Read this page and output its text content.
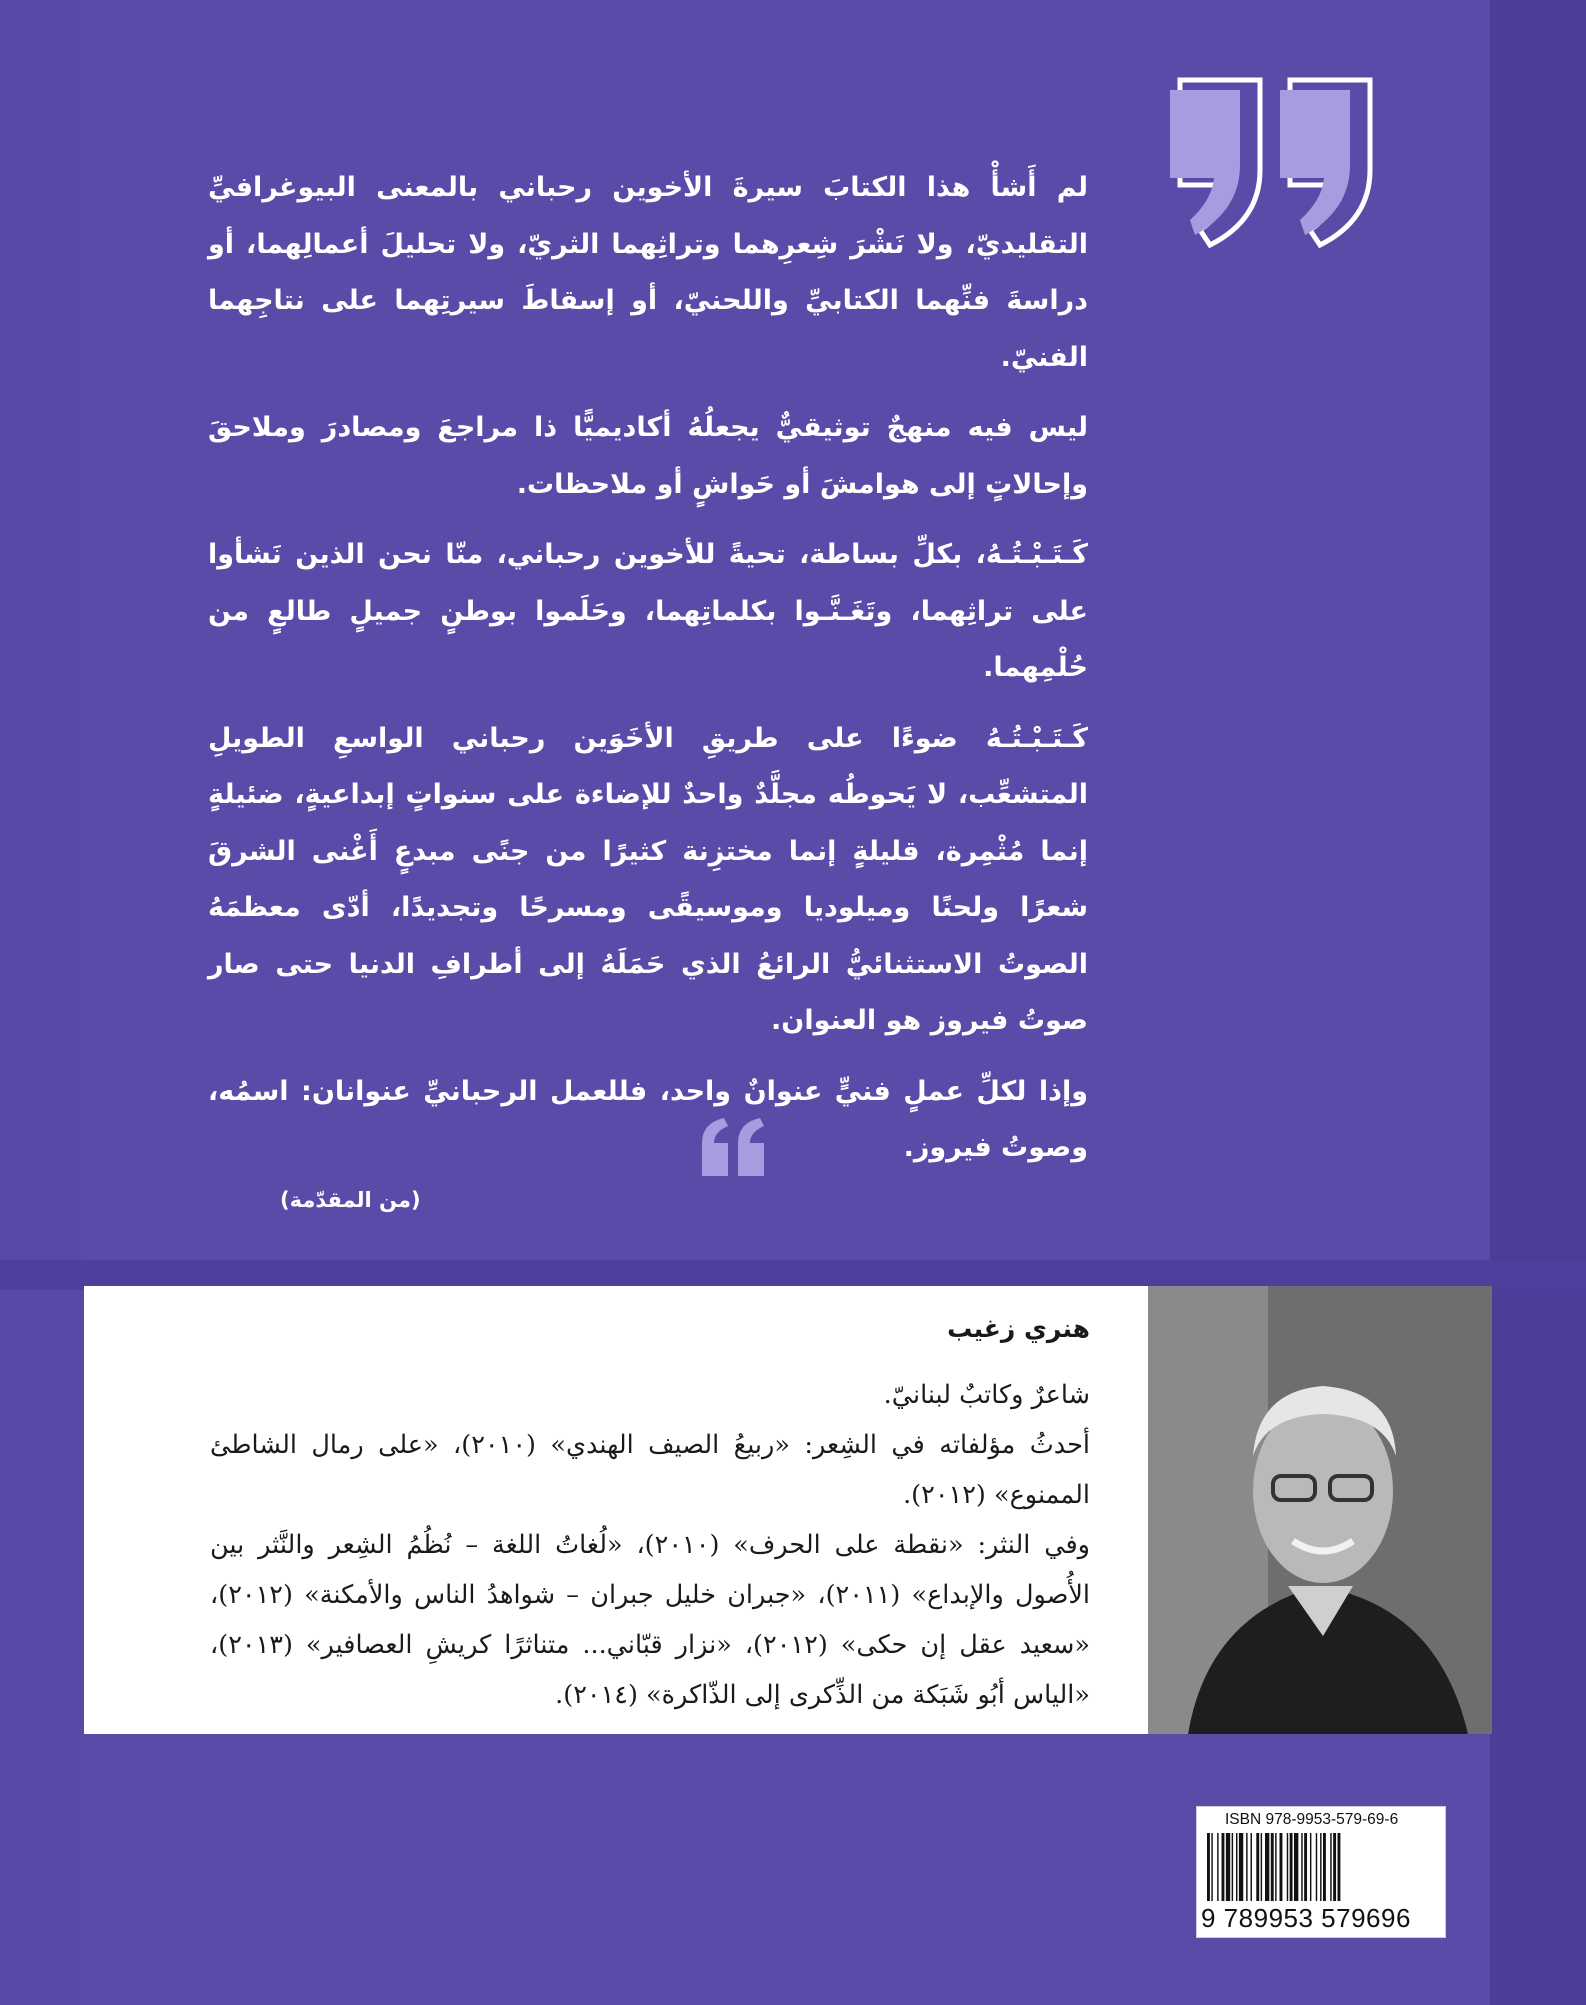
لم أَشأْ هذا الكتابَ سيرةَ الأخوين رحباني بالمعنى البيوغرافيِّ التقليديّ، ولا نَشْرَ شِعرِهما وتراثِهما الثريّ، ولا تحليلَ أعمالِهما، أو دراسةَ فنِّهما الكتابيِّ واللحنيّ، أو إسقاطَ سيرتِهما على نتاجِهما الفنيّ.

ليس فيه منهجٌ توثيقيٌّ يجعلُهُ أكاديميًّا ذا مراجعَ ومصادرَ وملاحقَ وإحالاتٍ إلى هوامشَ أو حَواشٍ أو ملاحظات.

كَـتَـبْـتُـهُ، بكلِّ بساطة، تحيةً للأخوين رحباني، منّا نحن الذين نَشأوا على تراثِهما، وتَغَـنَّـوا بكلماتِهما، وحَلَموا بوطنٍ جميلٍ طالعٍ من حُلْمِهما.

كَـتَـبْـتُـهُ ضوءًا على طريقِ الأخَوَين رحباني الواسعِ الطويلِ المتشعِّب، لا يَحوطُه مجلَّدٌ واحدٌ للإضاءة على سنواتٍ إبداعيةٍ، ضئيلةٍ إنما مُثْمِرة، قليلةٍ إنما مختزِنة كثيرًا من جنًى مبدعٍ أَغْنى الشرقَ شعرًا ولحنًا وميلوديا وموسيقًى ومسرحًا وتجديدًا، أدّى معظمَهُ الصوتُ الاستثنائيُّ الرائعُ الذي حَمَلَهُ إلى أطرافِ الدنيا حتى صار صوتُ فيروز هو العنوان.

وإذا لكلِّ عملٍ فنيٍّ عنوانٌ واحد، فللعمل الرحبانيِّ عنوانان: اسمُه، وصوتُ فيروز.

(من المقدّمة)
هنري زغيب

شاعرٌ وكاتبٌ لبنانيّ.

أحدثُ مؤلفاته في الشِعر: «ربيعُ الصيف الهندي» (٢٠١٠)، «على رمال الشاطئ الممنوع» (٢٠١٢).

وفي النثر: «نقطة على الحرف» (٢٠١٠)، «لُغاتُ اللغة – نُظُمُ الشِعر والنَّثر بين الأُصول والإبداع» (٢٠١١)، «جبران خليل جبران – شواهدُ الناس والأمكنة» (٢٠١٢)، «سعيد عقل إن حكى» (٢٠١٢)، «نزار قبّاني... متناثرًا كريشِ العصافير» (٢٠١٣)، «الياس أبُو شَبَكة من الذِّكرى إلى الذّاكرة» (٢٠١٤).

ISBN 978-9953-579-69-6
9 789953 579696
